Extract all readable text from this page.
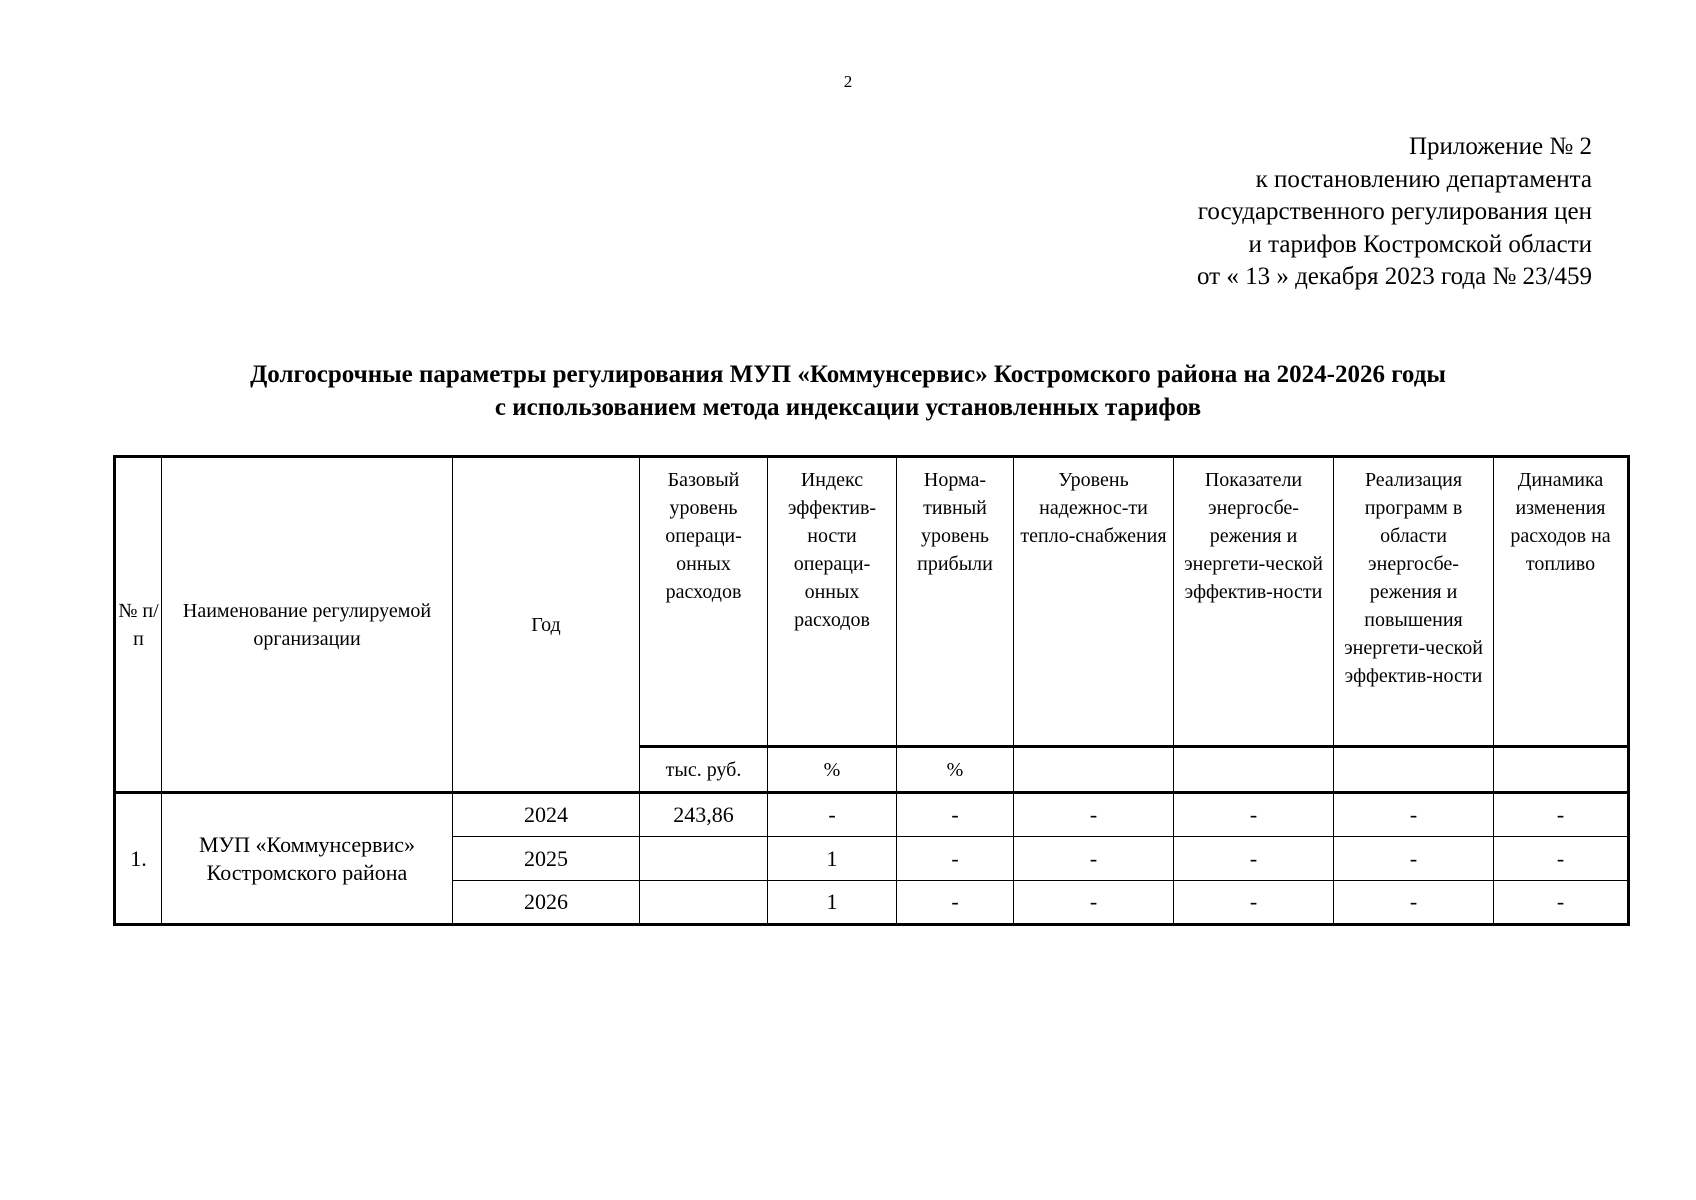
2
Приложение № 2
к постановлению департамента
государственного регулирования цен
и тарифов Костромской области
от « 13 » декабря 2023 года № 23/459
Долгосрочные параметры регулирования МУП «Коммунсервис» Костромского района на 2024-2026 годы
с использованием метода индексации установленных тарифов
№ п/п	Наименование регулируемой организации	Год	Базовый уровень операци-онных расходов	Индекс эффектив-ности операци-онных расходов	Норма-тивный уровень прибыли	Уровень надежнос-ти тепло-снабжения	Показатели энергосбе-режения и энергети-ческой эффектив-ности	Реализация программ в области энергосбе-режения и повышения энергети-ческой эффектив-ности	Динамика изменения расходов на топливо
			тыс. руб.	%	%				
1.	МУП «Коммунсервис» Костромского района	2024	243,86	-	-	-	-	-	-
		2025		1	-	-	-	-	-
		2026		1	-	-	-	-	-
